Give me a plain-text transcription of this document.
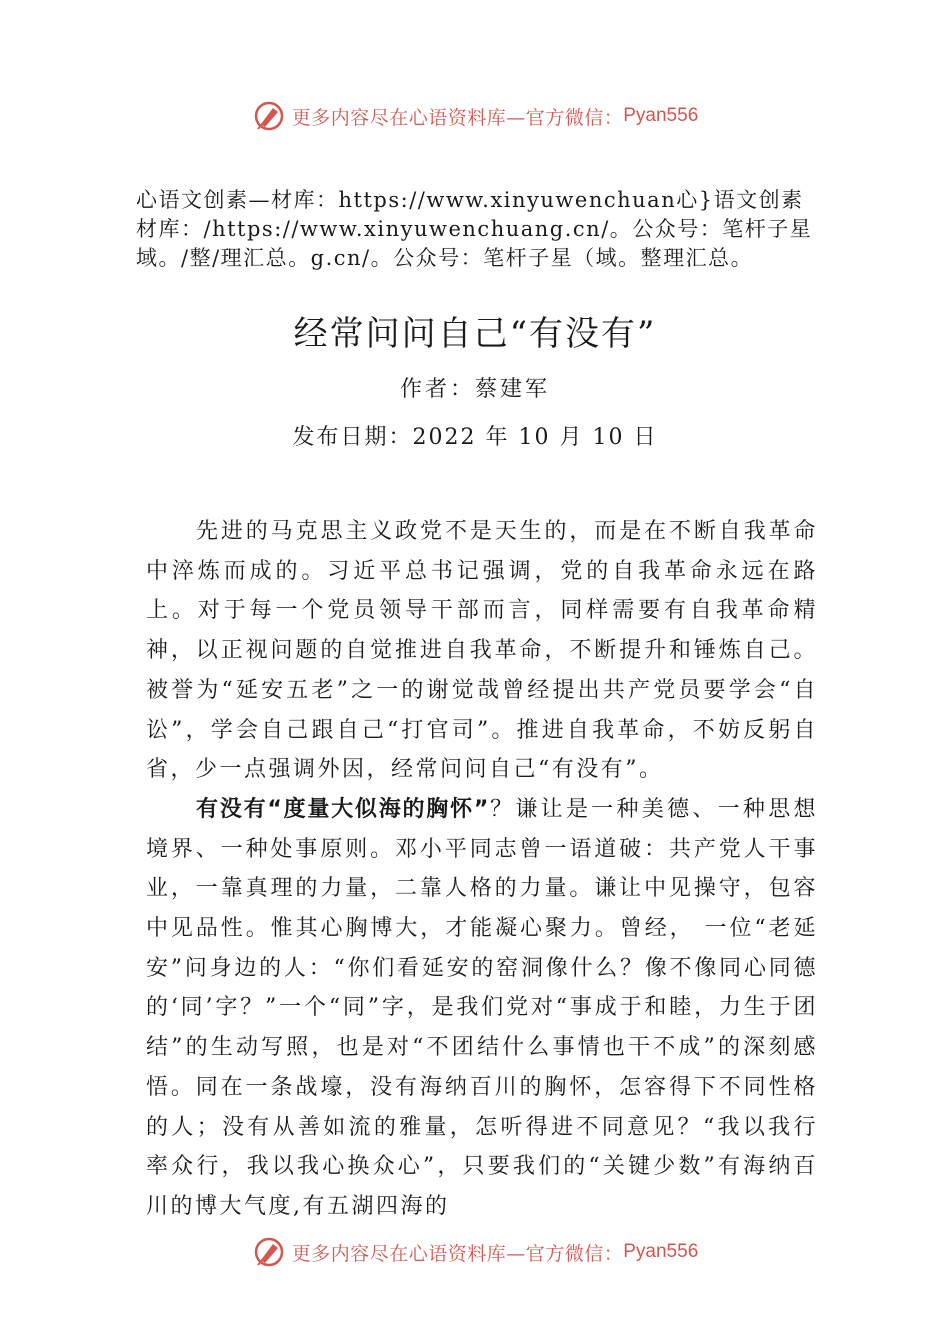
更多内容尽在心语资料库—官方微信： Pyan556
心语文创素—材库：https://www.xinyuwenchuan心}语文创素材库：/https://www.xinyuwenchuang.cn/。公众号：笔杆子星域。/整/理汇总。g.cn/。公众号：笔杆子星（域。整理汇总。
经常问问自己“有没有”
作者：蔡建军
发布日期：2022 年 10 月 10 日

先进的马克思主义政党不是天生的，而是在不断自我革命中淬炼而成的。习近平总书记强调，党的自我革命永远在路上。对于每一个党员领导干部而言，同样需要有自我革命精神，以正视问题的自觉推进自我革命，不断提升和锤炼自己。被誉为“延安五老”之一的谢觉哉曾经提出共产党员要学会“自讼”，学会自己跟自己“打官司”。推进自我革命，不妨反躬自省，少一点强调外因，经常问问自己“有没有”。

有没有“度量大似海的胸怀”？谦让是一种美德、一种思想境界、一种处事原则。邓小平同志曾一语道破：共产党人干事业，一靠真理的力量，二靠人格的力量。谦让中见操守，包容中见品性。惟其心胸博大，才能凝心聚力。曾经， 一位“老延安”问身边的人：“你们看延安的窑洞像什么？像不像同心同德的‘同’字？”一个“同”字，是我们党对“事成于和睦，力生于团结”的生动写照，也是对“不团结什么事情也干不成”的深刻感悟。同在一条战壕，没有海纳百川的胸怀，怎容得下不同性格的人；没有从善如流的雅量，怎听得进不同意见？“我以我行率众行，我以我心换众心”，只要我们的“关键少数”有海纳百川的博大气度,有五湖四海的

更多内容尽在心语资料库—官方微信： Pyan556
